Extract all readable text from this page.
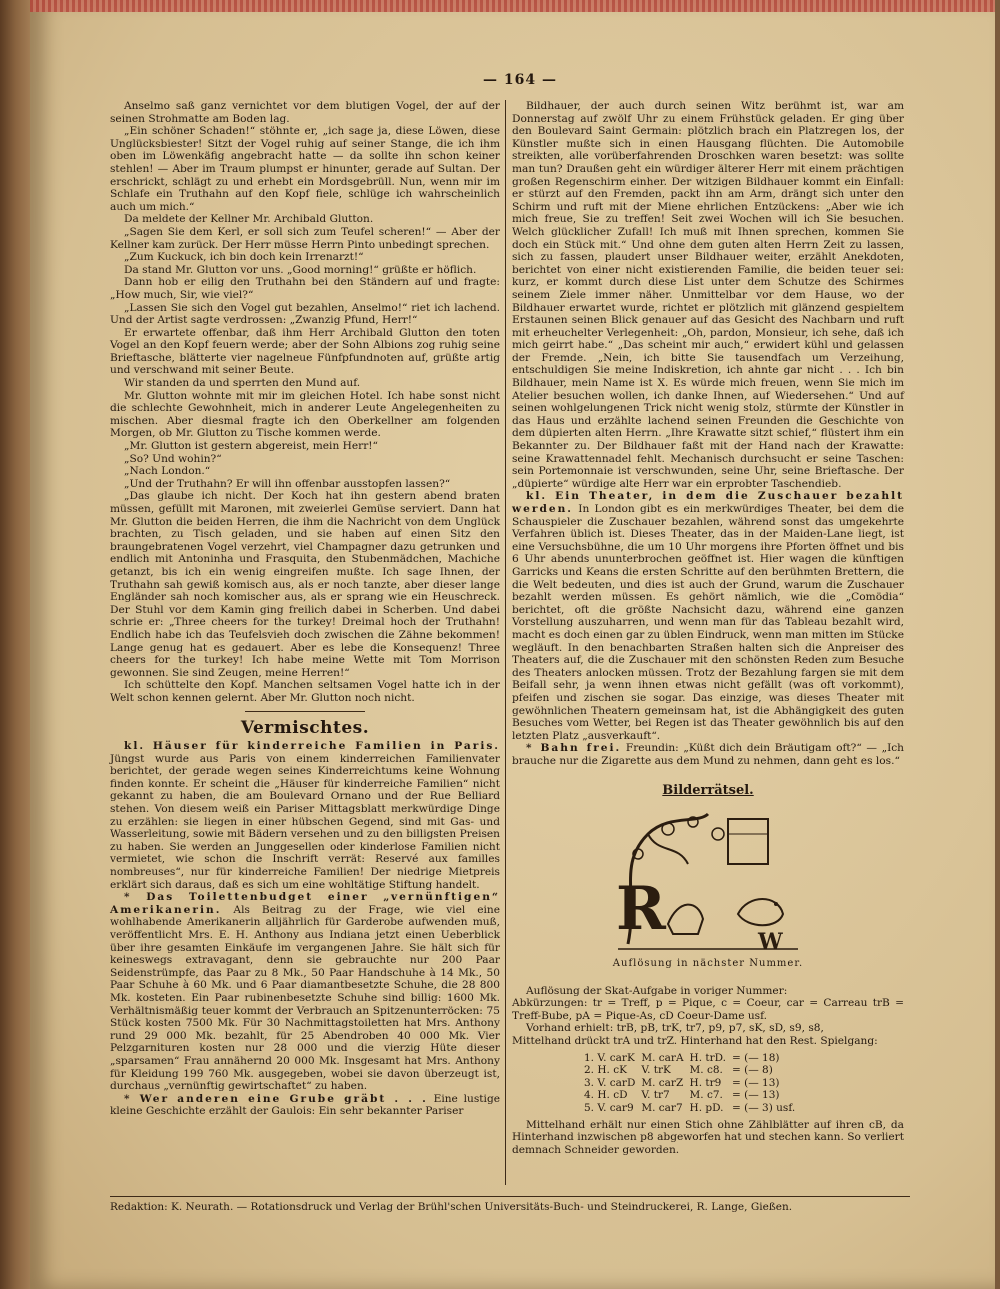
— 164 —

Anselmo saß ganz vernichtet vor dem blutigen Vogel, der auf der seinen Strohmatte am Boden lag.

„Ein schöner Schaden!“ stöhnte er, „ich sage ja, diese Löwen, diese Unglücksbiester! Sitzt der Vogel ruhig auf seiner Stange, die ich ihm oben im Löwenkäfig angebracht hatte — da sollte ihn schon keiner stehlen! — Aber im Traum plumpst er hinunter, gerade auf Sultan. Der erschrickt, schlägt zu und erhebt ein Mordsgebrüll. Nun, wenn mir im Schlafe ein Truthahn auf den Kopf fiele, schlüge ich wahrscheinlich auch um mich.“

Da meldete der Kellner Mr. Archibald Glutton.

„Sagen Sie dem Kerl, er soll sich zum Teufel scheren!“ — Aber der Kellner kam zurück. Der Herr müsse Herrn Pinto unbedingt sprechen.

„Zum Kuckuck, ich bin doch kein Irrenarzt!“

Da stand Mr. Glutton vor uns. „Good morning!“ grüßte er höflich.

Dann hob er eilig den Truthahn bei den Ständern auf und fragte: „How much, Sir, wie viel?“

„Lassen Sie sich den Vogel gut bezahlen, Anselmo!“ riet ich lachend. Und der Artist sagte verdrossen: „Zwanzig Pfund, Herr!“

Er erwartete offenbar, daß ihm Herr Archibald Glutton den toten Vogel an den Kopf feuern werde; aber der Sohn Albions zog ruhig seine Brieftasche, blätterte vier nagelneue Fünfpfundnoten auf, grüßte artig und verschwand mit seiner Beute.

Wir standen da und sperrten den Mund auf.

Mr. Glutton wohnte mit mir im gleichen Hotel. Ich habe sonst nicht die schlechte Gewohnheit, mich in anderer Leute Angelegenheiten zu mischen. Aber diesmal fragte ich den Oberkellner am folgenden Morgen, ob Mr. Glutton zu Tische kommen werde.

„Mr. Glutton ist gestern abgereist, mein Herr!“

„So? Und wohin?“

„Nach London.“

„Und der Truthahn? Er will ihn offenbar ausstopfen lassen?“

„Das glaube ich nicht. Der Koch hat ihn gestern abend braten müssen, gefüllt mit Maronen, mit zweierlei Gemüse serviert. Dann hat Mr. Glutton die beiden Herren, die ihm die Nachricht von dem Unglück brachten, zu Tisch geladen, und sie haben auf einen Sitz den braungebratenen Vogel verzehrt, viel Champagner dazu getrunken und endlich mit Antoninha und Frasquita, den Stubenmädchen, Machiche getanzt, bis ich ein wenig eingreifen mußte. Ich sage Ihnen, der Truthahn sah gewiß komisch aus, als er noch tanzte, aber dieser lange Engländer sah noch komischer aus, als er sprang wie ein Heuschreck. Der Stuhl vor dem Kamin ging freilich dabei in Scherben. Und dabei schrie er: „Three cheers for the turkey! Dreimal hoch der Truthahn! Endlich habe ich das Teufelsvieh doch zwischen die Zähne bekommen! Lange genug hat es gedauert. Aber es lebe die Konsequenz! Three cheers for the turkey! Ich habe meine Wette mit Tom Morrison gewonnen. Sie sind Zeugen, meine Herren!“

Ich schüttelte den Kopf. Manchen seltsamen Vogel hatte ich in der Welt schon kennen gelernt. Aber Mr. Glutton noch nicht.

Vermischtes.

kl. Häuser für kinderreiche Familien in Paris. Jüngst wurde aus Paris von einem kinderreichen Familienvater berichtet, der gerade wegen seines Kinderreichtums keine Wohnung finden konnte. Er scheint die „Häuser für kinderreiche Familien“ nicht gekannt zu haben, die am Boulevard Ornano und der Rue Belliard stehen. Von diesem weiß ein Pariser Mittagsblatt merkwürdige Dinge zu erzählen: sie liegen in einer hübschen Gegend, sind mit Gas- und Wasserleitung, sowie mit Bädern versehen und zu den billigsten Preisen zu haben. Sie werden an Junggesellen oder kinderlose Familien nicht vermietet, wie schon die Inschrift verrät: Reservé aux familles nombreuses“, nur für kinderreiche Familien! Der niedrige Mietpreis erklärt sich daraus, daß es sich um eine wohltätige Stiftung handelt.

* Das Toilettenbudget einer „vernünftigen“ Amerikanerin. Als Beitrag zu der Frage, wie viel eine wohlhabende Amerikanerin alljährlich für Garderobe aufwenden muß, veröffentlicht Mrs. E. H. Anthony aus Indiana jetzt einen Ueberblick über ihre gesamten Einkäufe im vergangenen Jahre. Sie hält sich für keineswegs extravagant, denn sie gebrauchte nur 200 Paar Seidenstrümpfe, das Paar zu 8 Mk., 50 Paar Handschuhe à 14 Mk., 50 Paar Schuhe à 60 Mk. und 6 Paar diamantbesetzte Schuhe, die 28 800 Mk. kosteten. Ein Paar rubinenbesetzte Schuhe sind billig: 1600 Mk. Verhältnismäßig teuer kommt der Verbrauch an Spitzenunterröcken: 75 Stück kosten 7500 Mk. Für 30 Nachmittagstoiletten hat Mrs. Anthony rund 29 000 Mk. bezahlt, für 25 Abendroben 40 000 Mk. Vier Pelzgarnituren kosten nur 28 000 und die vierzig Hüte dieser „sparsamen“ Frau annähernd 20 000 Mk. Insgesamt hat Mrs. Anthony für Kleidung 199 760 Mk. ausgegeben, wobei sie davon überzeugt ist, durchaus „vernünftig gewirtschaftet“ zu haben.

* Wer anderen eine Grube gräbt . . . Eine lustige kleine Geschichte erzählt der Gaulois: Ein sehr bekannter Pariser

Bildhauer, der auch durch seinen Witz berühmt ist, war am Donnerstag auf zwölf Uhr zu einem Frühstück geladen. Er ging über den Boulevard Saint Germain: plötzlich brach ein Platzregen los, der Künstler mußte sich in einen Hausgang flüchten. Die Automobile streikten, alle vorüberfahrenden Droschken waren besetzt: was sollte man tun? Draußen geht ein würdiger älterer Herr mit einem prächtigen großen Regenschirm einher. Der witzigen Bildhauer kommt ein Einfall: er stürzt auf den Fremden, packt ihn am Arm, drängt sich unter den Schirm und ruft mit der Miene ehrlichen Entzückens: „Aber wie ich mich freue, Sie zu treffen! Seit zwei Wochen will ich Sie besuchen. Welch glücklicher Zufall! Ich muß mit Ihnen sprechen, kommen Sie doch ein Stück mit.“ Und ohne dem guten alten Herrn Zeit zu lassen, sich zu fassen, plaudert unser Bildhauer weiter, erzählt Anekdoten, berichtet von einer nicht existierenden Familie, die beiden teuer sei: kurz, er kommt durch diese List unter dem Schutze des Schirmes seinem Ziele immer näher. Unmittelbar vor dem Hause, wo der Bildhauer erwartet wurde, richtet er plötzlich mit glänzend gespieltem Erstaunen seinen Blick genauer auf das Gesicht des Nachbarn und ruft mit erheuchelter Verlegenheit: „Oh, pardon, Monsieur, ich sehe, daß ich mich geirrt habe.“ „Das scheint mir auch,“ erwidert kühl und gelassen der Fremde. „Nein, ich bitte Sie tausendfach um Verzeihung, entschuldigen Sie meine Indiskretion, ich ahnte gar nicht . . . Ich bin Bildhauer, mein Name ist X. Es würde mich freuen, wenn Sie mich im Atelier besuchen wollen, ich danke Ihnen, auf Wiedersehen.“ Und auf seinen wohlgelungenen Trick nicht wenig stolz, stürmte der Künstler in das Haus und erzählte lachend seinen Freunden die Geschichte von dem düpierten alten Herrn. „Ihre Krawatte sitzt schief,“ flüstert ihm ein Bekannter zu. Der Bildhauer faßt mit der Hand nach der Krawatte: seine Krawattennadel fehlt. Mechanisch durchsucht er seine Taschen: sein Portemonnaie ist verschwunden, seine Uhr, seine Brieftasche. Der „düpierte“ würdige alte Herr war ein erprobter Taschendieb.

kl. Ein Theater, in dem die Zuschauer bezahlt werden. In London gibt es ein merkwürdiges Theater, bei dem die Schauspieler die Zuschauer bezahlen, während sonst das umgekehrte Verfahren üblich ist. Dieses Theater, das in der Maiden-Lane liegt, ist eine Versuchsbühne, die um 10 Uhr morgens ihre Pforten öffnet und bis 6 Uhr abends ununterbrochen geöffnet ist. Hier wagen die künftigen Garricks und Keans die ersten Schritte auf den berühmten Brettern, die die Welt bedeuten, und dies ist auch der Grund, warum die Zuschauer bezahlt werden müssen. Es gehört nämlich, wie die „Comödia“ berichtet, oft die größte Nachsicht dazu, während eine ganzen Vorstellung auszuharren, und wenn man für das Tableau bezahlt wird, macht es doch einen gar zu üblen Eindruck, wenn man mitten im Stücke wegläuft. In den benachbarten Straßen halten sich die Anpreiser des Theaters auf, die die Zuschauer mit den schönsten Reden zum Besuche des Theaters anlocken müssen. Trotz der Bezahlung fargen sie mit dem Beifall sehr, ja wenn ihnen etwas nicht gefällt (was oft vorkommt), pfeifen und zischen sie sogar. Das einzige, was dieses Theater mit gewöhnlichen Theatern gemeinsam hat, ist die Abhängigkeit des guten Besuches vom Wetter, bei Regen ist das Theater gewöhnlich bis auf den letzten Platz „ausverkauft“.

* Bahn frei. Freundin: „Küßt dich dein Bräutigam oft?“ — „Ich brauche nur die Zigarette aus dem Mund zu nehmen, dann geht es los.“

Bilderrätsel.
R	W
Auflösung in nächster Nummer.

Auflösung der Skat-Aufgabe in voriger Nummer:

Abkürzungen: tr = Treff, p = Pique, c = Coeur, car = Carreau trB = Treff-Bube, pA = Pique-As, cD Coeur-Dame usf.

Vorhand erhielt: trB, pB, trK, tr7, p9, p7, sK, sD, s9, s8,

Mittelhand drückt trA und trZ. Hinterhand hat den Rest. Spielgang:

1. V. carK	M. carA	H. trD.	= (— 18)
2. H. cK	V. trK	M. c8.	= (— 8)
3. V. carD	M. carZ	H. tr9	= (— 13)
4. H. cD	V. tr7	M. c7.	= (— 13)
5. V. car9	M. car7	H. pD.	= (— 3) usf.

Mittelhand erhält nur einen Stich ohne Zählblätter auf ihren cB, da Hinterhand inzwischen p8 abgeworfen hat und stechen kann. So verliert demnach Schneider geworden.

Redaktion: K. Neurath. — Rotationsdruck und Verlag der Brühl'schen Universitäts-Buch- und Steindruckerei, R. Lange, Gießen.
